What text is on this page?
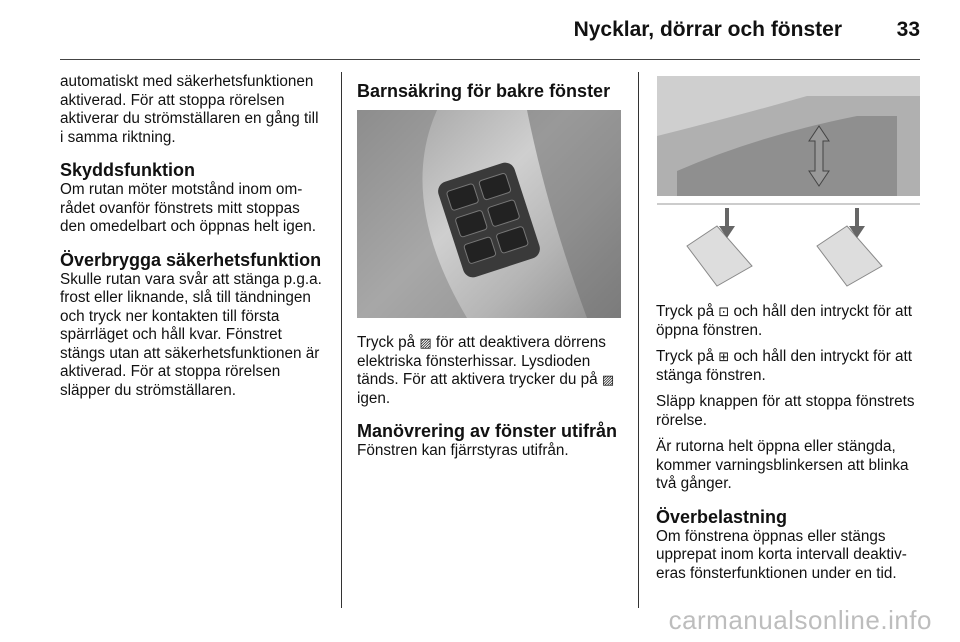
Nycklar, dörrar och fönster	33

automatiskt med säkerhetsfunktionen aktiverad. För att stoppa rörelsen aktiverar du strömställaren en gång till i samma riktning.

Skyddsfunktion

Om rutan möter motstånd inom området ovanför fönstrets mitt stoppas den omedelbart och öppnas helt igen.

Överbrygga säkerhetsfunktion

Skulle rutan vara svår att stänga p.g.a. frost eller liknande, slå till tändningen och tryck ner kontakten till första spärrläget och håll kvar. Fönstret stängs utan att säkerhetsfunktionen är aktiverad. För at stoppa rörelsen släpper du strömställaren.

Barnsäkring för bakre fönster

Tryck på ▨ för att deaktivera dörrens elektriska fönsterhissar. Lysdioden tänds. För att aktivera trycker du på ▨ igen.

Manövrering av fönster utifrån

Fönstren kan fjärrstyras utifrån.

Tryck på ⊡ och håll den intryckt för att öppna fönstren.

Tryck på ⊞ och håll den intryckt för att stänga fönstren.

Släpp knappen för att stoppa fönstrets rörelse.

Är rutorna helt öppna eller stängda, kommer varningsblinkersen att blinka två gånger.

Överbelastning

Om fönstrena öppnas eller stängs upprepat inom korta intervall deaktiveras fönsterfunktionen under en tid.

carmanualsonline.info
